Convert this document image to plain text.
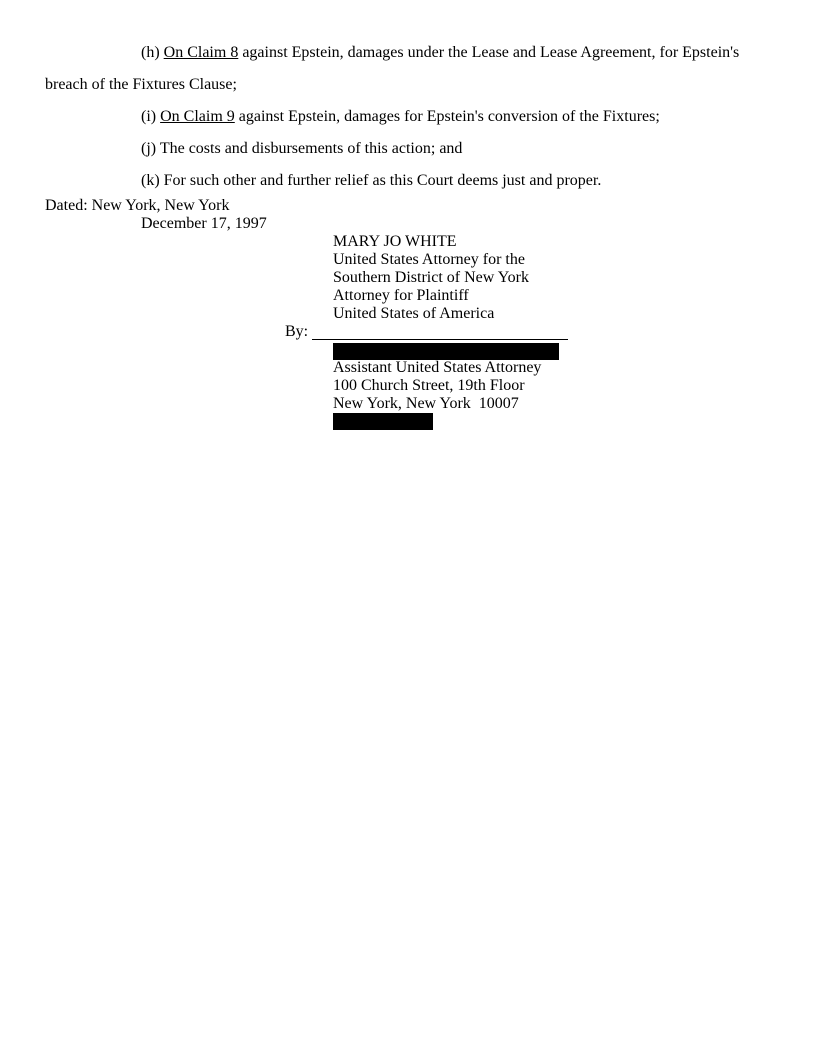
(h) On Claim 8 against Epstein, damages under the Lease and Lease Agreement, for Epstein's
breach of the Fixtures Clause;
(i) On Claim 9 against Epstein, damages for Epstein's conversion of the Fixtures;
(j) The costs and disbursements of this action; and
(k) For such other and further relief as this Court deems just and proper.
Dated: New York, New York
December 17, 1997
MARY JO WHITE
United States Attorney for the
Southern District of New York
Attorney for Plaintiff
United States of America
By:
Assistant United States Attorney
100 Church Street, 19th Floor
New York, New York  10007
